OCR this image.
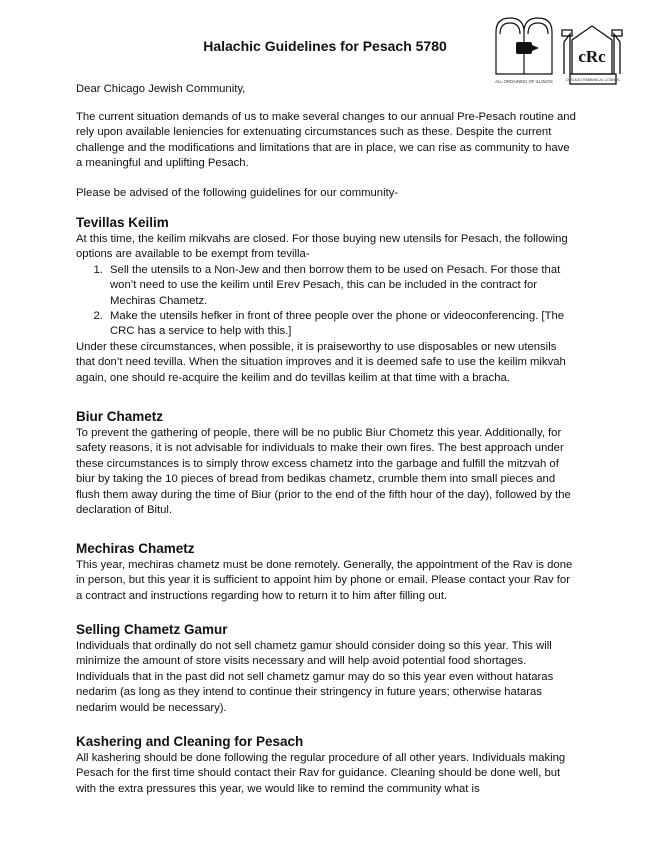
Halachic Guidelines for Pesach 5780
ALL ORDAINING OF ILLINOIS
cRc
CHICAGO RABBINICAL COUNCIL

Dear Chicago Jewish Community,

The current situation demands of us to make several changes to our annual Pre-Pesach routine and rely upon available leniencies for extenuating circumstances such as these. Despite the current challenge and the modifications and limitations that are in place, we can rise as community to have a meaningful and uplifting Pesach.

Please be advised of the following guidelines for our community-

Tevillas Keilim

At this time, the keilim mikvahs are closed. For those buying new utensils for Pesach, the following options are available to be exempt from tevilla-

1. Sell the utensils to a Non-Jew and then borrow them to be used on Pesach. For those that won’t need to use the keilim until Erev Pesach, this can be included in the contract for Mechiras Chametz.
2. Make the utensils hefker in front of three people over the phone or videoconferencing. [The CRC has a service to help with this.]

Under these circumstances, when possible, it is praiseworthy to use disposables or new utensils that don’t need tevilla. When the situation improves and it is deemed safe to use the keilim mikvah again, one should re-acquire the keilim and do tevillas keilim at that time with a bracha.

Biur Chametz

To prevent the gathering of people, there will be no public Biur Chometz this year. Additionally, for safety reasons, it is not advisable for individuals to make their own fires. The best approach under these circumstances is to simply throw excess chametz into the garbage and fulfill the mitzvah of biur by taking the 10 pieces of bread from bedikas chametz, crumble them into small pieces and flush them away during the time of Biur (prior to the end of the fifth hour of the day), followed by the declaration of Bitul.

Mechiras Chametz

This year, mechiras chametz must be done remotely. Generally, the appointment of the Rav is done in person, but this year it is sufficient to appoint him by phone or email. Please contact your Rav for a contract and instructions regarding how to return it to him after filling out.

Selling Chametz Gamur

Individuals that ordinally do not sell chametz gamur should consider doing so this year. This will minimize the amount of store visits necessary and will help avoid potential food shortages. Individuals that in the past did not sell chametz gamur may do so this year even without hataras nedarim (as long as they intend to continue their stringency in future years; otherwise hataras nedarim would be necessary).

Kashering and Cleaning for Pesach

All kashering should be done following the regular procedure of all other years. Individuals making Pesach for the first time should contact their Rav for guidance. Cleaning should be done well, but with the extra pressures this year, we would like to remind the community what is
